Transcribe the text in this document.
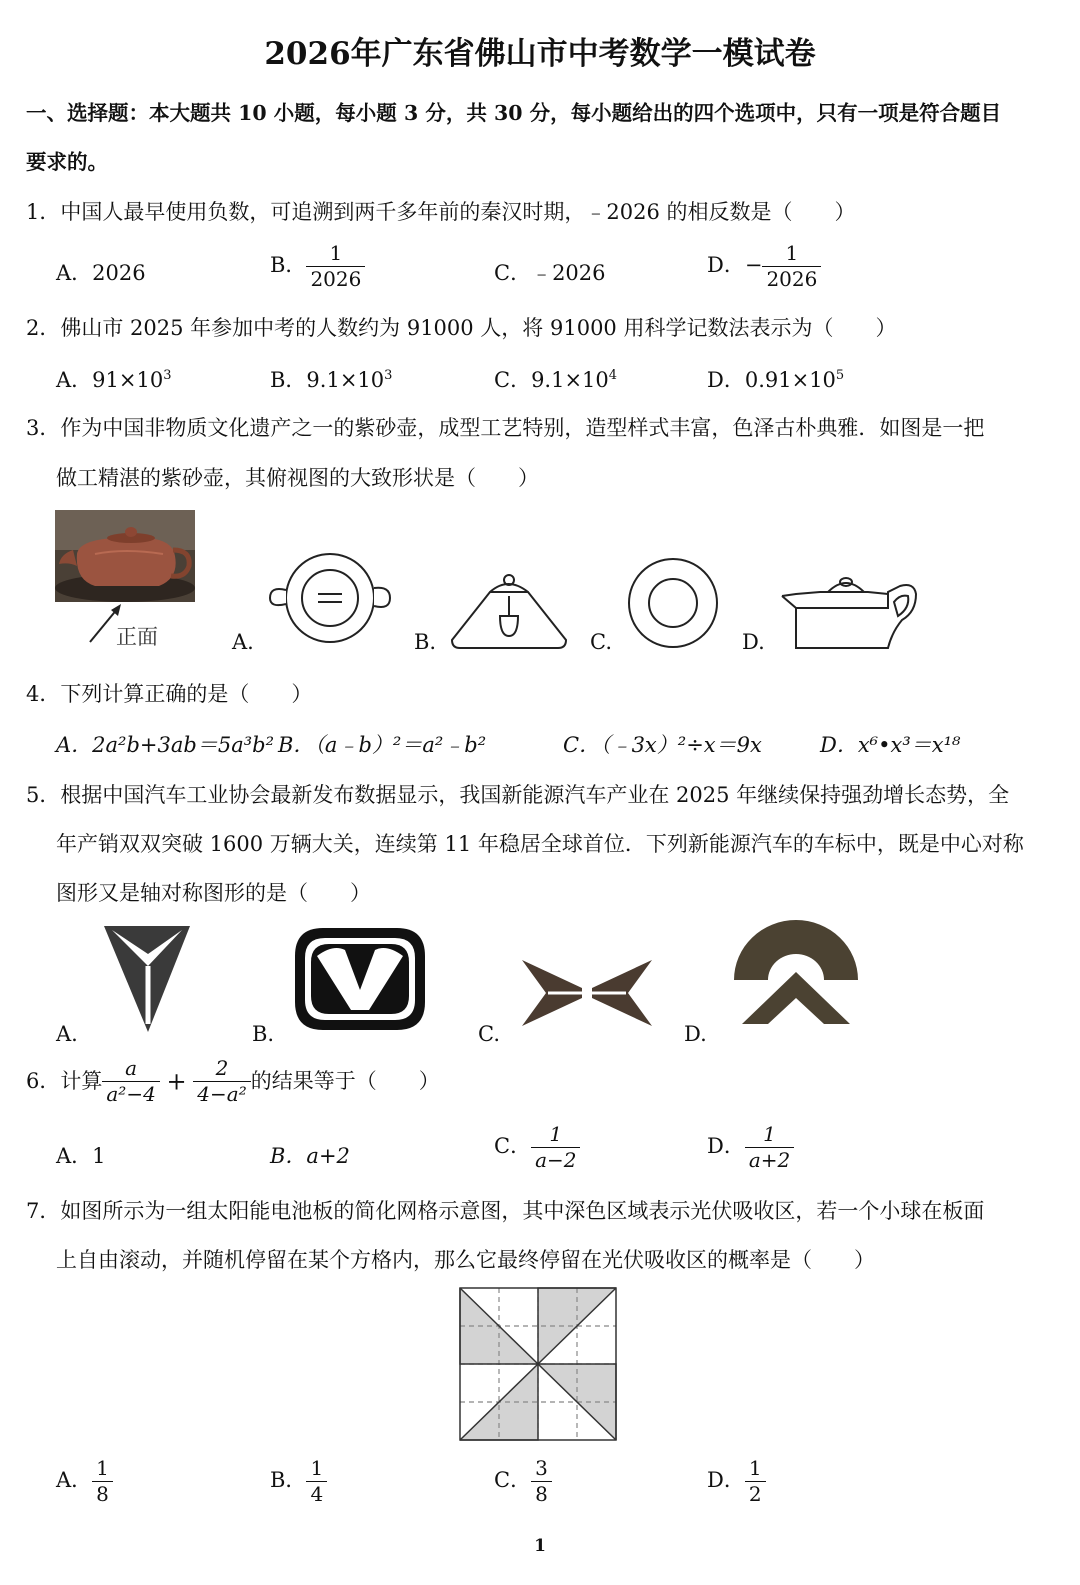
2026年广东省佛山市中考数学一模试卷
一、选择题：本大题共 10 小题，每小题 3 分，共 30 分，每小题给出的四个选项中，只有一项是符合题目
要求的。
1．中国人最早使用负数，可追溯到两千多年前的秦汉时期，﹣2026 的相反数是（　　）
A．2026	B． $\frac{1}{2026}$	C．﹣2026	D．− $\frac{1}{2026}$
2．佛山市 2025 年参加中考的人数约为 91000 人，将 91000 用科学记数法表示为（　　）
A．$91\times 10^3$	B．$9.1\times 10^3$	C．$9.1\times 10^4$	D．$0.91\times 10^5$
3．作为中国非物质文化遗产之一的紫砂壶，成型工艺特别，造型样式丰富，色泽古朴典雅．如图是一把
做工精湛的紫砂壶，其俯视图的大致形状是（　　）
正面	A.	B.	C.	D.
4．下列计算正确的是（　　）
A．2a²b+3ab＝5a³b² B．（a﹣b）²＝a²﹣b²	C．（﹣3x）²÷x＝9x	D．x⁶•x³＝x¹⁸
5．根据中国汽车工业协会最新发布数据显示，我国新能源汽车产业在 2025 年继续保持强劲增长态势，全
年产销双双突破 1600 万辆大关，连续第 11 年稳居全球首位．下列新能源汽车的车标中，既是中心对称
图形又是轴对称图形的是（　　）
A.	B.	C.	D.
6．计算 $\frac{a}{\text{a²−4}} + \frac{2}{\text{4−a²}}$ 的结果等于（　　）
A．1	B．a+2	C． $\frac{1}{a-2}$	D． $\frac{1}{a+2}$
7．如图所示为一组太阳能电池板的简化网格示意图，其中深色区域表示光伏吸收区，若一个小球在板面
上自由滚动，并随机停留在某个方格内，那么它最终停留在光伏吸收区的概率是（　　）
A． $\frac{1}{8}$	B． $\frac{1}{4}$	C． $\frac{3}{8}$	D． $\frac{1}{2}$
1
